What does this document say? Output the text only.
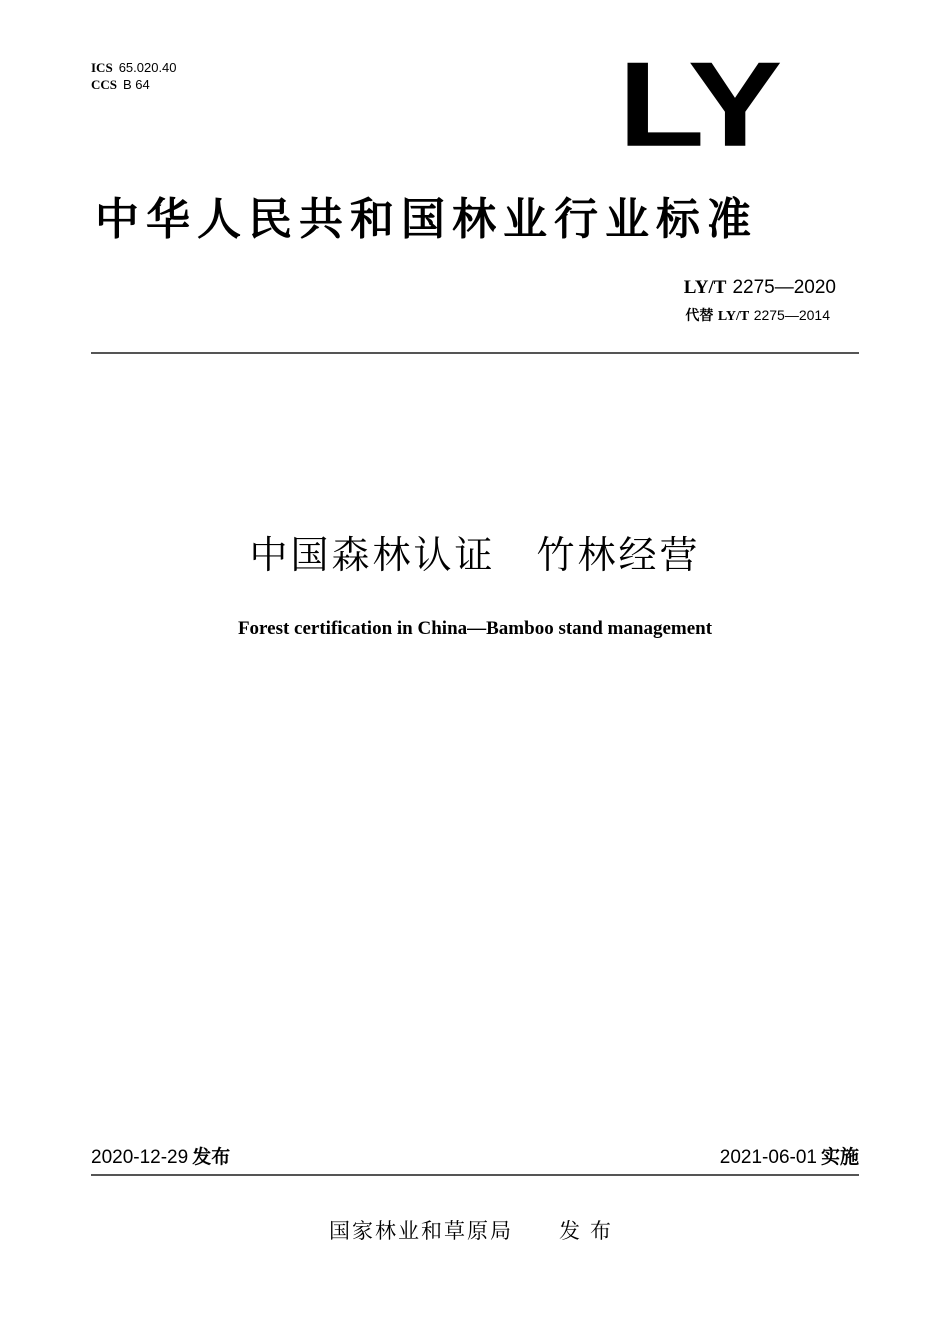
ICS 65.020.40
CCS B 64	LY
中华人民共和国林业行业标准
LY/T 2275—2020
代替 LY/T 2275—2014
中国森林认证　竹林经营
Forest certification in China—Bamboo stand management
2020-12-29 发布	2021-06-01 实施
国家林业和草原局 发布
